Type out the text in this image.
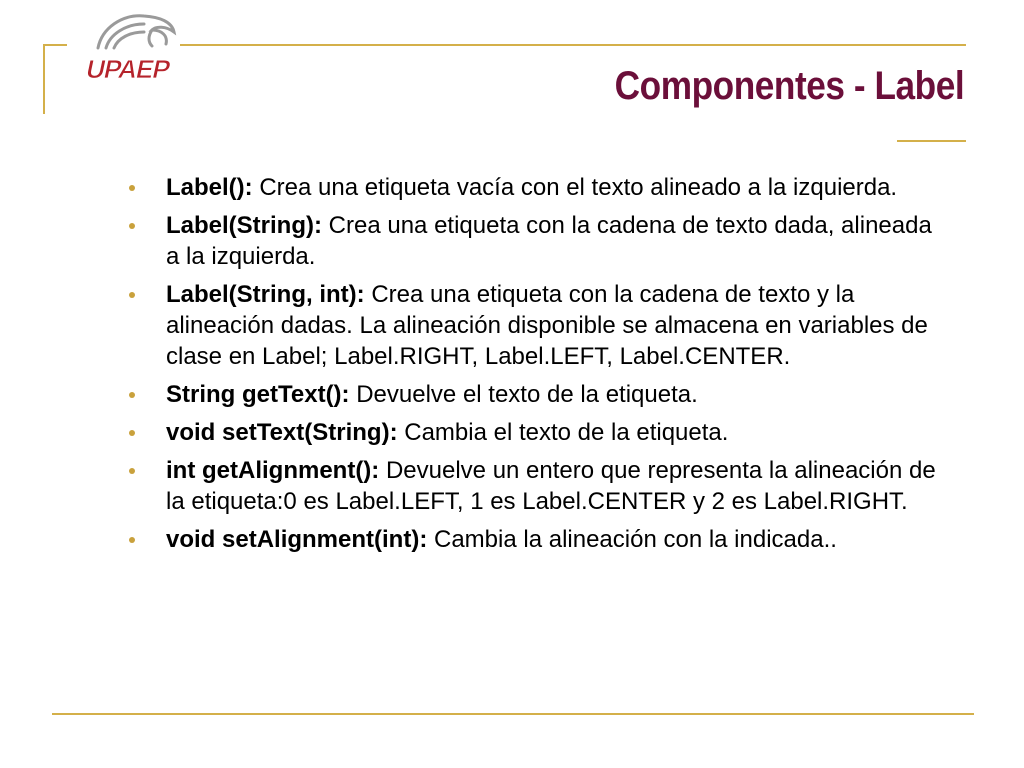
UPAEP	Componentes - Label
Label(): Crea una etiqueta vacía con el texto alineado a la izquierda.
Label(String): Crea una etiqueta con la cadena de texto dada, alineada a la izquierda.
Label(String, int): Crea una etiqueta con la cadena de texto y la alineación dadas. La alineación disponible se almacena en variables de clase en Label; Label.RIGHT, Label.LEFT, Label.CENTER.
String getText(): Devuelve el texto de la etiqueta.
void setText(String): Cambia el texto de la etiqueta.
int getAlignment(): Devuelve un entero que representa la alineación de la etiqueta:0 es Label.LEFT, 1 es Label.CENTER y 2 es Label.RIGHT.
void setAlignment(int): Cambia la alineación con la indicada..
